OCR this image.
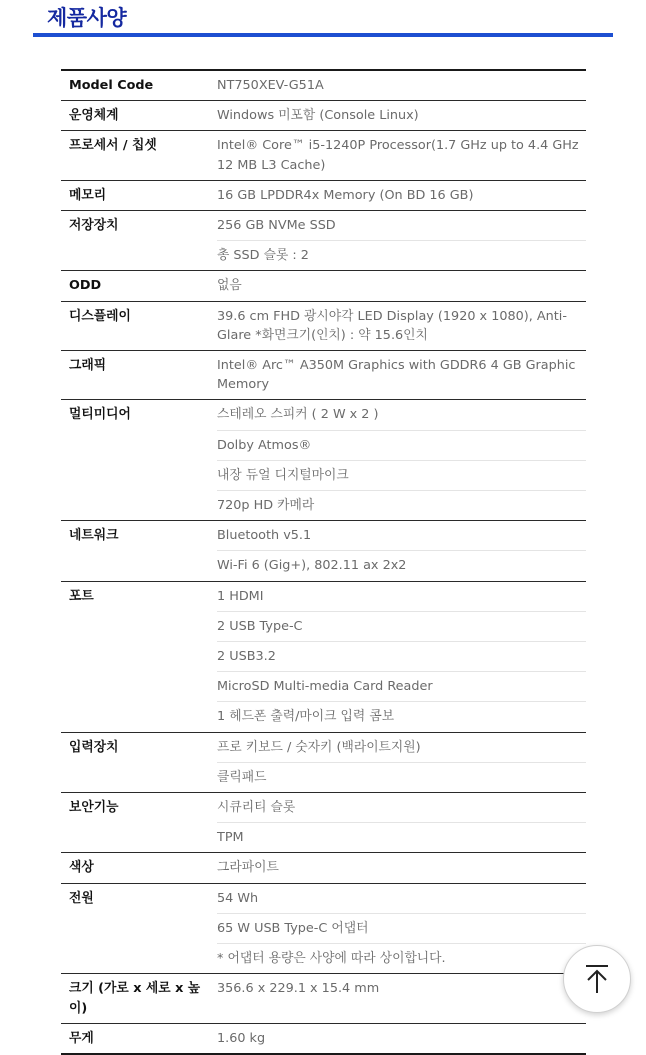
제품사양
Model Code	NT750XEV-G51A
운영체계	Windows 미포함 (Console Linux)
프로세서 / 칩셋	Intel® Core™ i5-1240P Processor(1.7 GHz up to 4.4 GHz 12 MB L3 Cache)
메모리	16 GB LPDDR4x Memory (On BD 16 GB)
저장장치	256 GB NVMe SSD
	총 SSD 슬롯 : 2
ODD	없음
디스플레이	39.6 cm FHD 광시야각 LED Display (1920 x 1080), Anti-Glare *화면크기(인치) : 약 15.6인치
그래픽	Intel® Arc™ A350M Graphics with GDDR6 4 GB Graphic Memory
멀티미디어	스테레오 스피커 ( 2 W x 2 )
	Dolby Atmos®
	내장 듀얼 디지털마이크
	720p HD 카메라
네트워크	Bluetooth v5.1
	Wi-Fi 6 (Gig+), 802.11 ax 2x2
포트	1 HDMI
	2 USB Type-C
	2 USB3.2
	MicroSD Multi-media Card Reader
	1 헤드폰 출력/마이크 입력 콤보
입력장치	프로 키보드 / 숫자키 (백라이트지원)
	클릭패드
보안기능	시큐리티 슬롯
	TPM
색상	그라파이트
전원	54 Wh
	65 W USB Type-C 어댑터
	* 어댑터 용량은 사양에 따라 상이합니다.
크기 (가로 x 세로 x 높이)	356.6 x 229.1 x 15.4 mm
무게	1.60 kg
